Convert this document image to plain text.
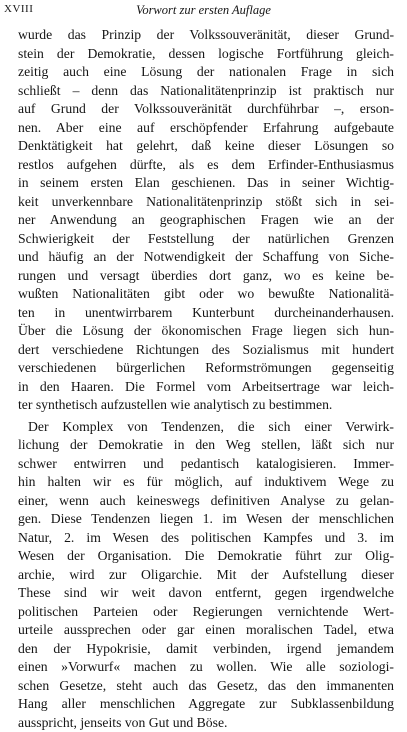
XVIII	Vorwort zur ersten Auflage
wurde das Prinzip der Volkssouveränität, dieser Grund-
stein der Demokratie, dessen logische Fortführung gleich-
zeitig auch eine Lösung der nationalen Frage in sich
schließt – denn das Nationalitätenprinzip ist praktisch nur
auf Grund der Volkssouveränität durchführbar –, erson-
nen. Aber eine auf erschöpfender Erfahrung aufgebaute
Denktätigkeit hat gelehrt, daß keine dieser Lösungen so
restlos aufgehen dürfte, als es dem Erfinder-Enthusiasmus
in seinem ersten Elan geschienen. Das in seiner Wichtig-
keit unverkennbare Nationalitätenprinzip stößt sich in sei-
ner Anwendung an geographischen Fragen wie an der
Schwierigkeit der Feststellung der natürlichen Grenzen
und häufig an der Notwendigkeit der Schaffung von Siche-
rungen und versagt überdies dort ganz, wo es keine be-
wußten Nationalitäten gibt oder wo bewußte Nationalitä-
ten in unentwirrbarem Kunterbunt durcheinanderhausen.
Über die Lösung der ökonomischen Frage liegen sich hun-
dert verschiedene Richtungen des Sozialismus mit hundert
verschiedenen bürgerlichen Reformströmungen gegenseitig
in den Haaren. Die Formel vom Arbeitsertrage war leich-
ter synthetisch aufzustellen wie analytisch zu bestimmen.
Der Komplex von Tendenzen, die sich einer Verwirk-
lichung der Demokratie in den Weg stellen, läßt sich nur
schwer entwirren und pedantisch katalogisieren. Immer-
hin halten wir es für möglich, auf induktivem Wege zu
einer, wenn auch keineswegs definitiven Analyse zu gelan-
gen. Diese Tendenzen liegen 1. im Wesen der menschlichen
Natur, 2. im Wesen des politischen Kampfes und 3. im
Wesen der Organisation. Die Demokratie führt zur Olig-
archie, wird zur Oligarchie. Mit der Aufstellung dieser
These sind wir weit davon entfernt, gegen irgendwelche
politischen Parteien oder Regierungen vernichtende Wert-
urteile aussprechen oder gar einen moralischen Tadel, etwa
den der Hypokrisie, damit verbinden, irgend jemandem
einen »Vorwurf« machen zu wollen. Wie alle soziologi-
schen Gesetze, steht auch das Gesetz, das den immanenten
Hang aller menschlichen Aggregate zur Subklassenbildung
ausspricht, jenseits von Gut und Böse.
